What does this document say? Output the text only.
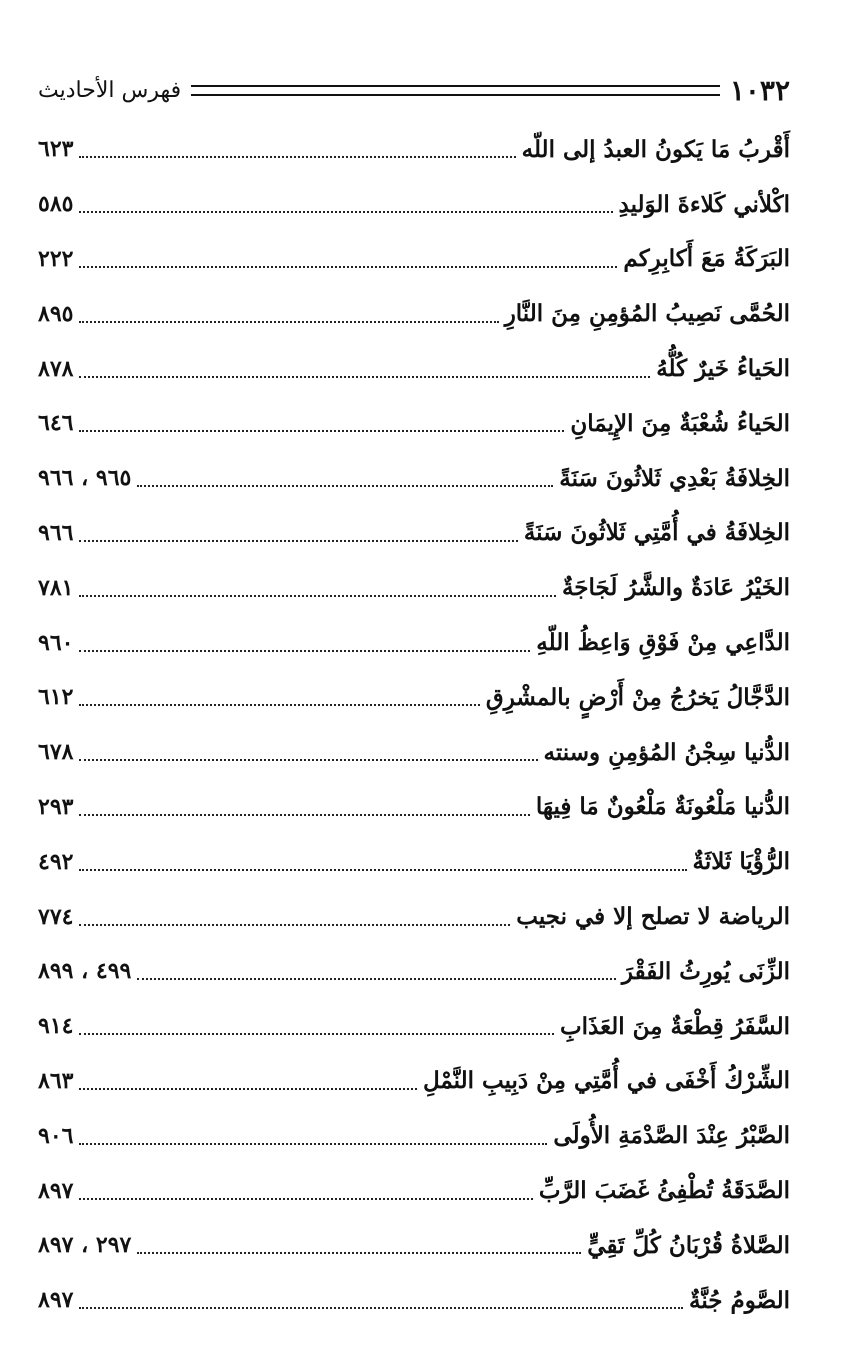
١٠٣٢
فهرس الأحاديث
أَقْربُ مَا يَكونُ العبدُ إلى اللّه
٦٢٣
اكْلأني كَلاءةَ الوَليدِ
٥٨٥
البَرَكَةُ مَعَ أَكابِرِكم
٢٢٢
الحُمَّى نَصِيبُ المُؤمِنِ مِنَ النَّارِ
٨٩٥
الحَياءُ خَيرٌ كُلُّهُ
٨٧٨
الحَياءُ شُعْبَةٌ مِنَ الإِيمَانِ
٦٤٦
الخِلافَةُ بَعْدِي ثَلاثُونَ سَنَةً
٩٦٥ ، ٩٦٦
الخِلافَةُ في أُمَّتِي ثَلاثُونَ سَنَةً
٩٦٦
الخَيْرُ عَادَةٌ والشَّرُ لَجَاجَةٌ
٧٨١
الدَّاعِي مِنْ فَوْقِ وَاعِظُ اللّهِ
٩٦٠
الدَّجَّالُ يَخرُجُ مِنْ أَرْضٍ بالمشْرِقِ
٦١٢
الدُّنيا سِجْنُ المُؤمِنِ وسنته
٦٧٨
الدُّنيا مَلْعُونَةٌ مَلْعُونٌ مَا فِيهَا
٢٩٣
الرُّؤْيَا ثَلاثَةٌ
٤٩٢
الرياضة لا تصلح إلا في نجيب
٧٧٤
الزِّنَى يُورِثُ الفَقْرَ
٤٩٩ ، ٨٩٩
السَّفَرُ قِطْعَةٌ مِنَ العَذَابِ
٩١٤
الشِّرْكُ أَخْفَى في أُمَّتِي مِنْ دَبِيبِ النَّمْلِ
٨٦٣
الصَّبْرُ عِنْدَ الصَّدْمَةِ الأُولَى
٩٠٦
الصَّدَقَةُ تُطْفِئُ غَضَبَ الرَّبِّ
٨٩٧
الصَّلاةُ قُرْبَانُ كُلِّ تَقِيٍّ
٢٩٧ ، ٨٩٧
الصَّومُ جُنَّةٌ
٨٩٧
